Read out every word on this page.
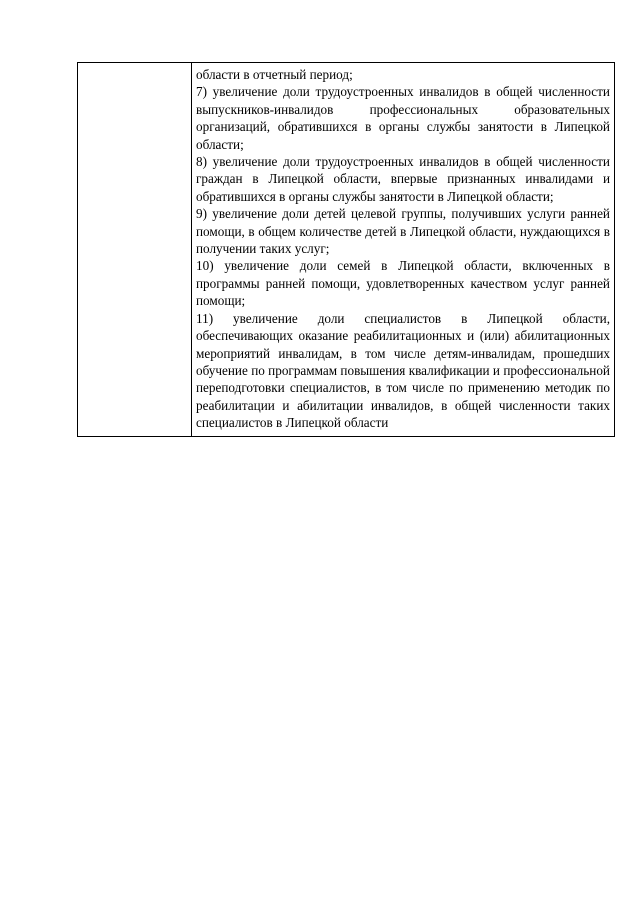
области в отчетный период;

7) увеличение доли трудоустроенных инвалидов в общей численности выпускников-инвалидов профессиональных образовательных организаций, обратившихся в органы службы занятости в Липецкой области;

8) увеличение доли трудоустроенных инвалидов в общей численности граждан в Липецкой области, впервые признанных инвалидами и обратившихся в органы службы занятости в Липецкой области;

9) увеличение доли детей целевой группы, получивших услуги ранней помощи, в общем количестве детей в Липецкой области, нуждающихся в получении таких услуг;

10) увеличение доли семей в Липецкой области, включенных в программы ранней помощи, удовлетворенных качеством услуг ранней помощи;

11) увеличение доли специалистов в Липецкой области, обеспечивающих оказание реабилитационных и (или) абилитационных мероприятий инвалидам, в том числе детям-инвалидам, прошедших обучение по программам повышения квалификации и профессиональной переподготовки специалистов, в том числе по применению методик по реабилитации и абилитации инвалидов, в общей численности таких специалистов в Липецкой области
